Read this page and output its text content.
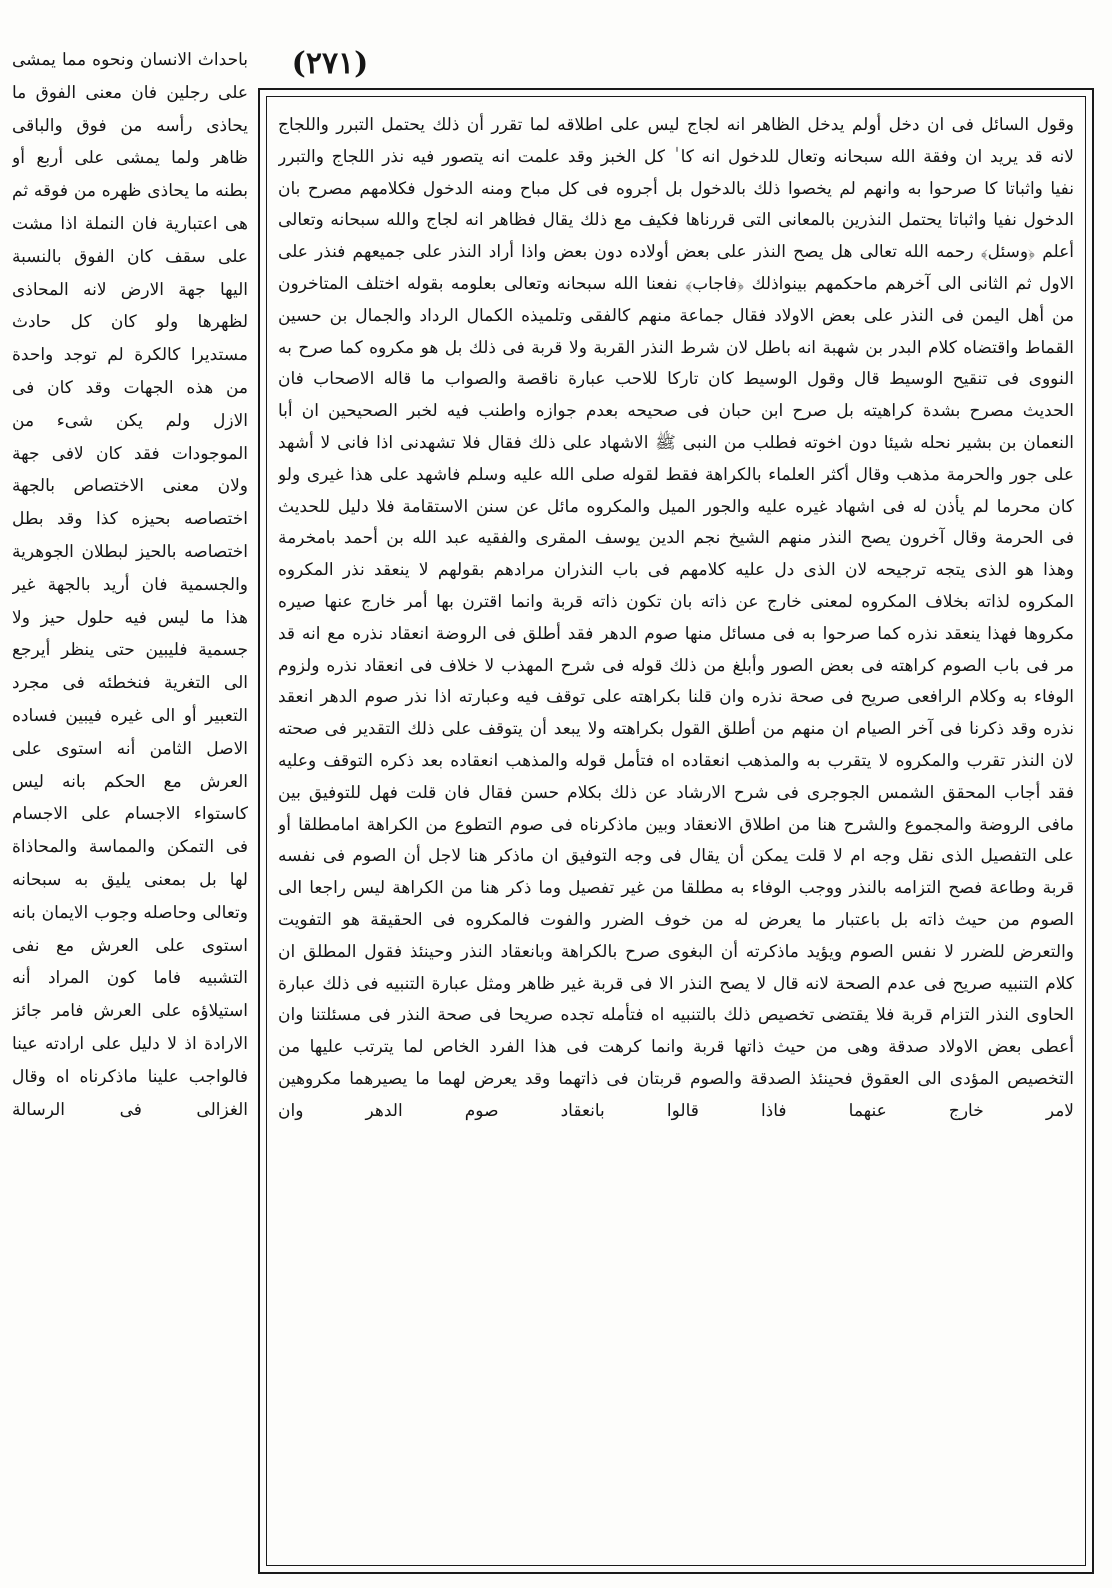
(٢٧١)

وقول السائل فى ان دخل أولم يدخل الظاهر انه لجاج ليس على اطلاقه لما تقرر أن ذلك يحتمل التبرر واللجاج لانه قد يريد ان وفقة الله سبحانه وتعال للدخول انه كا ٰ كل الخبز وقد علمت انه يتصور فيه نذر اللجاج والتبرر نفيا واثباتا كا صرحوا به وانهم لم يخصوا ذلك بالدخول بل أجروه فى كل مباح ومنه الدخول فكلامهم مصرح بان الدخول نفيا واثباتا يحتمل النذرين بالمعانى التى قررناها فكيف مع ذلك يقال فظاهر انه لجاج والله سبحانه وتعالى أعلم ﴿وسئل﴾ رحمه الله تعالى هل يصح النذر على بعض أولاده دون بعض واذا أراد النذر على جميعهم فنذر على الاول ثم الثانى الى آخرهم ماحكمهم بينواذلك ﴿فاجاب﴾ نفعنا الله سبحانه وتعالى بعلومه بقوله اختلف المتاخرون من أهل اليمن فى النذر على بعض الاولاد فقال جماعة منهم كالفقى وتلميذه الكمال الرداد والجمال بن حسين القماط واقتضاه كلام البدر بن شهبة انه باطل لان شرط النذر القربة ولا قربة فى ذلك بل هو مكروه كما صرح به النووى فى تنقيح الوسيط قال وقول الوسيط كان تاركا للاحب عبارة ناقصة والصواب ما قاله الاصحاب فان الحديث مصرح بشدة كراهيته بل صرح ابن حبان فى صحيحه بعدم جوازه واطنب فيه لخبر الصحيحين ان أبا النعمان بن بشير نحله شيئا دون اخوته فطلب من النبى ﷺ الاشهاد على ذلك فقال فلا تشهدنى اذا فانى لا أشهد على جور والحرمة مذهب وقال أكثر العلماء بالكراهة فقط لقوله صلى الله عليه وسلم فاشهد على هذا غيرى ولو كان محرما لم يأذن له فى اشهاد غيره عليه والجور الميل والمكروه مائل عن سنن الاستقامة فلا دليل للحديث فى الحرمة وقال آخرون يصح النذر منهم الشيخ نجم الدين يوسف المقرى والفقيه عبد الله بن أحمد بامخرمة وهذا هو الذى يتجه ترجيحه لان الذى دل عليه كلامهم فى باب النذران مرادهم بقولهم لا ينعقد نذر المكروه المكروه لذاته بخلاف المكروه لمعنى خارج عن ذاته بان تكون ذاته قربة وانما اقترن بها أمر خارج عنها صيره مكروها فهذا ينعقد نذره كما صرحوا به فى مسائل منها صوم الدهر فقد أطلق فى الروضة انعقاد نذره مع انه قد مر فى باب الصوم كراهته فى بعض الصور وأبلغ من ذلك قوله فى شرح المهذب لا خلاف فى انعقاد نذره ولزوم الوفاء به وكلام الرافعى صريح فى صحة نذره وان قلنا بكراهته على توقف فيه وعبارته اذا نذر صوم الدهر انعقد نذره وقد ذكرنا فى آخر الصيام ان منهم من أطلق القول بكراهته ولا يبعد أن يتوقف على ذلك التقدير فى صحته لان النذر تقرب والمكروه لا يتقرب به والمذهب انعقاده اه فتأمل قوله والمذهب انعقاده بعد ذكره التوقف وعليه فقد أجاب المحقق الشمس الجوجرى فى شرح الارشاد عن ذلك بكلام حسن فقال فان قلت فهل للتوفيق بين مافى الروضة والمجموع والشرح هنا من اطلاق الانعقاد وبين ماذكرناه فى صوم التطوع من الكراهة امامطلقا أو على التفصيل الذى نقل وجه ام لا قلت يمكن أن يقال فى وجه التوفيق ان ماذكر هنا لاجل أن الصوم فى نفسه قربة وطاعة فصح التزامه بالنذر ووجب الوفاء به مطلقا من غير تفصيل وما ذكر هنا من الكراهة ليس راجعا الى الصوم من حيث ذاته بل باعتبار ما يعرض له من خوف الضرر والفوت فالمكروه فى الحقيقة هو التفويت والتعرض للضرر لا نفس الصوم ويؤيد ماذكرته أن البغوى صرح بالكراهة وبانعقاد النذر وحينئذ فقول المطلق ان كلام التنبيه صريح فى عدم الصحة لانه قال لا يصح النذر الا فى قربة غير ظاهر ومثل عبارة التنبيه فى ذلك عبارة الحاوى النذر التزام قربة فلا يقتضى تخصيص ذلك بالتنبيه اه فتأمله تجده صريحا فى صحة النذر فى مسئلتنا وان أعطى بعض الاولاد صدقة وهى من حيث ذاتها قربة وانما كرهت فى هذا الفرد الخاص لما يترتب عليها من التخصيص المؤدى الى العقوق فحينئذ الصدقة والصوم قربتان فى ذاتهما وقد يعرض لهما ما يصيرهما مكروهين لامر خارج عنهما فاذا قالوا بانعقاد صوم الدهر وان

باحداث الانسان ونحوه مما يمشى على رجلين فان معنى الفوق ما يحاذى رأسه من فوق والباقى ظاهر ولما يمشى على أربع أو بطنه ما يحاذى ظهره من فوقه ثم هى اعتبارية فان النملة اذا مشت على سقف كان الفوق بالنسبة اليها جهة الارض لانه المحاذى لظهرها ولو كان كل حادث مستديرا كالكرة لم توجد واحدة من هذه الجهات وقد كان فى الازل ولم يكن شىء من الموجودات فقد كان لافى جهة ولان معنى الاختصاص بالجهة اختصاصه بحيزه كذا وقد بطل اختصاصه بالحيز لبطلان الجوهرية والجسمية فان أريد بالجهة غير هذا ما ليس فيه حلول حيز ولا جسمية فليبين حتى ينظر أيرجع الى التغرية فنخطئه فى مجرد التعبير أو الى غيره فيبين فساده الاصل الثامن أنه استوى على العرش مع الحكم بانه ليس كاستواء الاجسام على الاجسام فى التمكن والمماسة والمحاذاة لها بل بمعنى يليق به سبحانه وتعالى وحاصله وجوب الايمان بانه استوى على العرش مع نفى التشبيه فاما كون المراد أنه استيلاؤه على العرش فامر جائز الارادة اذ لا دليل على ارادته عينا فالواجب علينا ماذكرناه اه وقال الغزالى فى الرسالة
